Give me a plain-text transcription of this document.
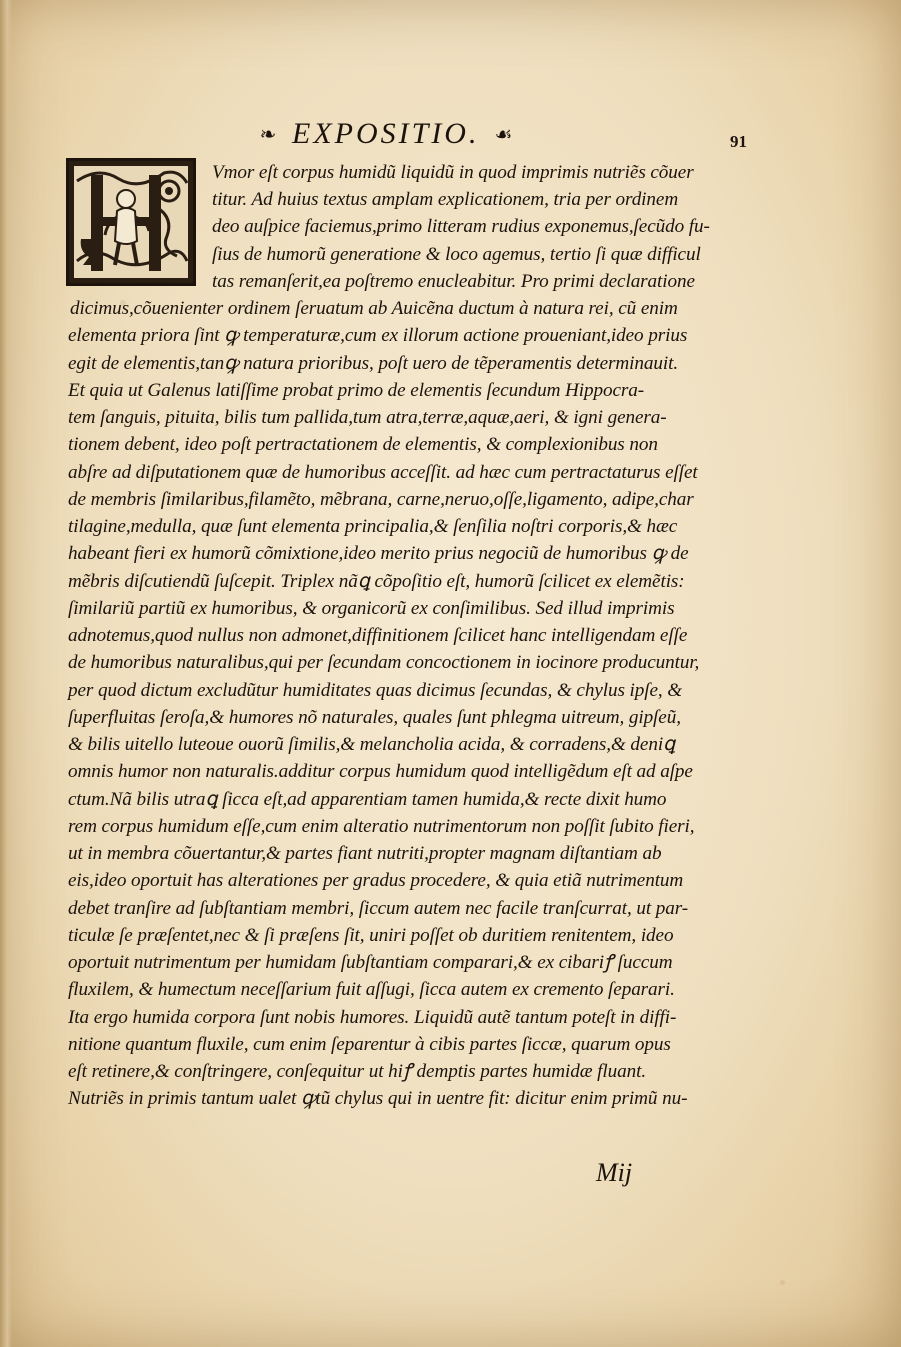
❧ EXPOSITIO. ☙	91
Vmor eſt corpus humidũ liquidũ in quod imprimis nutriẽs cõuer
titur. Ad huius textus amplam explicationem, tria per ordinem
deo auſpice faciemus,primo litteram rudius exponemus,ſecũdo fu-
ſius de humorũ generatione & loco agemus, tertio ſi quæ difficul
tas remanſerit,ea poſtremo enucleabitur. Pro primi declaratione
dicimus,cõuenienter ordinem ſeruatum ab Auicẽna ductum à natura rei, cũ enim
elementa priora ſint ꝙ temperaturæ,cum ex illorum actione proueniant,ideo prius
egit de elementis,tanꝙ natura prioribus, poſt uero de tẽperamentis determinauit.
Et quia ut Galenus latiſſime probat primo de elementis ſecundum Hippocra-
tem ſanguis, pituita, bilis tum pallida,tum atra,terræ,aquæ,aeri, & igni genera-
tionem debent, ideo poſt pertractationem de elementis, & complexionibus non
abſre ad diſputationem quæ de humoribus acceſſit. ad hæc cum pertractaturus eſſet
de membris ſimilaribus,filamẽto, mẽbrana, carne,neruo,oſſe,ligamento, adipe,char
tilagine,medulla, quæ ſunt elementa principalia,& ſenſilia noſtri corporis,& hæc
habeant fieri ex humorũ cõmixtione,ideo merito prius negociũ de humoribus ꝙ de
mẽbris diſcutiendũ ſuſcepit. Triplex nãꝗ cõpoſitio eſt, humorũ ſcilicet ex elemẽtis:
ſimilariũ partiũ ex humoribus, & organicorũ ex conſimilibus. Sed illud imprimis
adnotemus,quod nullus non admonet,diffinitionem ſcilicet hanc intelligendam eſſe
de humoribus naturalibus,qui per ſecundam concoctionem in iocinore producuntur,
per quod dictum excludũtur humiditates quas dicimus ſecundas, & chylus ipſe, &
ſuperfluitas ſeroſa,& humores nõ naturales, quales ſunt phlegma uitreum, gipſeũ,
& bilis uitello luteoue ouorũ ſimilis,& melancholia acida, & corradens,& deniꝗ
omnis humor non naturalis.additur corpus humidum quod intelligẽdum eſt ad aſpe
ctum.Nã bilis utraꝗ ſicca eſt,ad apparentiam tamen humida,& recte dixit humo
rem corpus humidum eſſe,cum enim alteratio nutrimentorum non poſſit ſubito fieri,
ut in membra cõuertantur,& partes fiant nutriti,propter magnam diſtantiam ab
eis,ideo oportuit has alterationes per gradus procedere, & quia etiã nutrimentum
debet tranſire ad ſubſtantiam membri, ſiccum autem nec facile tranſcurrat, ut par-
ticulæ ſe præſentet,nec & ſi præſens ſit, uniri poſſet ob duritiem renitentem, ideo
oportuit nutrimentum per humidam ſubſtantiam comparari,& ex cibariꝭ ſuccum
fluxilem, & humectum neceſſarium fuit aſſugi, ſicca autem ex cremento ſeparari.
Ita ergo humida corpora ſunt nobis humores. Liquidũ autẽ tantum poteſt in diffi-
nitione quantum fluxile, cum enim ſeparentur à cibis partes ſiccæ, quarum opus
eſt retinere,& conſtringere, conſequitur ut hiꝭ demptis partes humidæ fluant.
Nutriẽs in primis tantum ualet ꝙtũ chylus qui in uentre fit: dicitur enim primũ nu-
Mij
